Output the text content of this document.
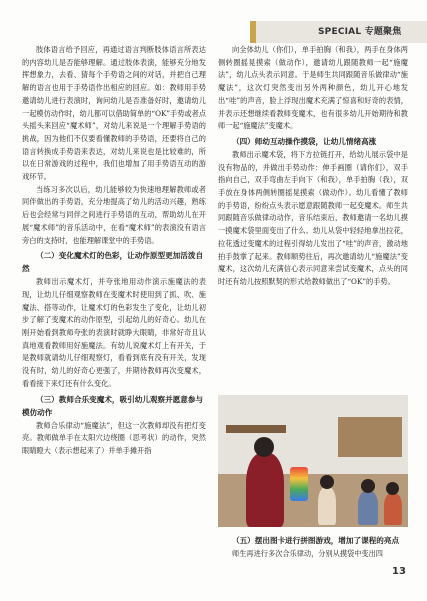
SPECIAL 专题聚焦

肢体语言给予回应，再通过语言判断肢体语言所表达的内容幼儿是否能够理解。通过肢体表演，能够充分地发挥想象力，去看、猜每个手势语之间的对话，并把自己理解的语言也用于手势语作出相应的回应。如：教师用手势邀请幼儿进行表演时，询问幼儿是否准备好时，邀请幼儿一起模仿动作时，幼儿都可以借助简单的“OK”手势或者点头摇头来回应“魔术师”，对幼儿来说是一个理解手势语的挑战，因为他们不仅要看懂教师的手势语，还要将自己的语言转换成手势语来表达，对幼儿来说也是比较难的，所以在日常游戏的过程中，我们也增加了用手势语互动的游戏环节。

当练习多次以后，幼儿能够较为快速地理解教师或者同伴做出的手势语，充分地提高了幼儿的活动兴趣，熟练后也会经常与同伴之间进行手势语的互动，帮助幼儿在开展“魔术师”的音乐活动中，在看“魔术师”的表演没有语言旁白的支持时，也能理解课堂中的手势语。

（二）变化魔术灯的色彩，让动作原型更加活泼自然

教师出示魔术灯，并夸张地用动作演示施魔法的表现，让幼儿仔细观察教师在变魔术时使用到了抓、吹、施魔法、搭等动作，让魔术灯的色彩发生了变化，让幼儿初步了解了变魔术的动作原型，引起幼儿的好奇心。幼儿在刚开始看到教师夸张的表演时就睁大眼睛，非常好奇且认真地观看教师用好施魔法。有幼儿说魔术灯上有开关，于是教师就请幼儿仔细观察灯，看看到底有没有开关，发现没有时，幼儿的好奇心更强了，并期待教师再次变魔术，看看接下来灯还有什么变化。

（三）教师合乐变魔术，吸引幼儿观察并愿意参与模仿动作

教师合乐律动“施魔法”，但这一次教师却没有把灯变亮。教师做单手在太阳穴边绕圈（思考状）的动作，突然眼睛瞪大（表示想起来了）并单手摊开指

向全体幼儿（你们），单手拍胸（和我），两手在身体两侧转圈摇晃摸索（做动作），邀请幼儿跟随教师一起“施魔法”，幼儿点头表示同意。于是师生共同跟随音乐做律动“施魔法”，这次灯突然变出另外两种颜色，幼儿开心地发出“哇”的声音，脸上浮现出魔术充满了惊喜和好奇的表情，并表示还想继续看教师变魔术，也有很多幼儿开始期待和教师一起“施魔法”变魔术。

（四）师幼互动操作摸袋，让幼儿情绪高涨

教师出示魔术袋，将下方拉链打开，给幼儿展示袋中是没有物品的，并做出手势动作：伸手画圈（请你们），双手指向自己，双手弯曲左手向下（和我），单手拍胸（我），双手放在身体两侧转圈摇晃摸索（做动作）。幼儿看懂了教师的手势语，纷纷点头表示愿意跟随教师一起变魔术。师生共同跟随音乐做律动动作，音乐结束后，教师邀请一名幼儿摸一摸魔术袋里面变出了什么。幼儿从袋中轻轻地拿出拉花，拉花透过变魔术的过程引得幼儿发出了“哇”的声音，激动地拍手鼓掌了起来。教师顺势往后，再次邀请幼儿“施魔法”变魔术，这次幼儿充满信心表示同意来尝试变魔术，点头的同时还有幼儿按照默契的形式给教师做出了“OK”的手势。

（五）摆出图卡进行拼图游戏，增加了课程的亮点

师生再进行多次合乐律动，分别从摸袋中变出四

13
